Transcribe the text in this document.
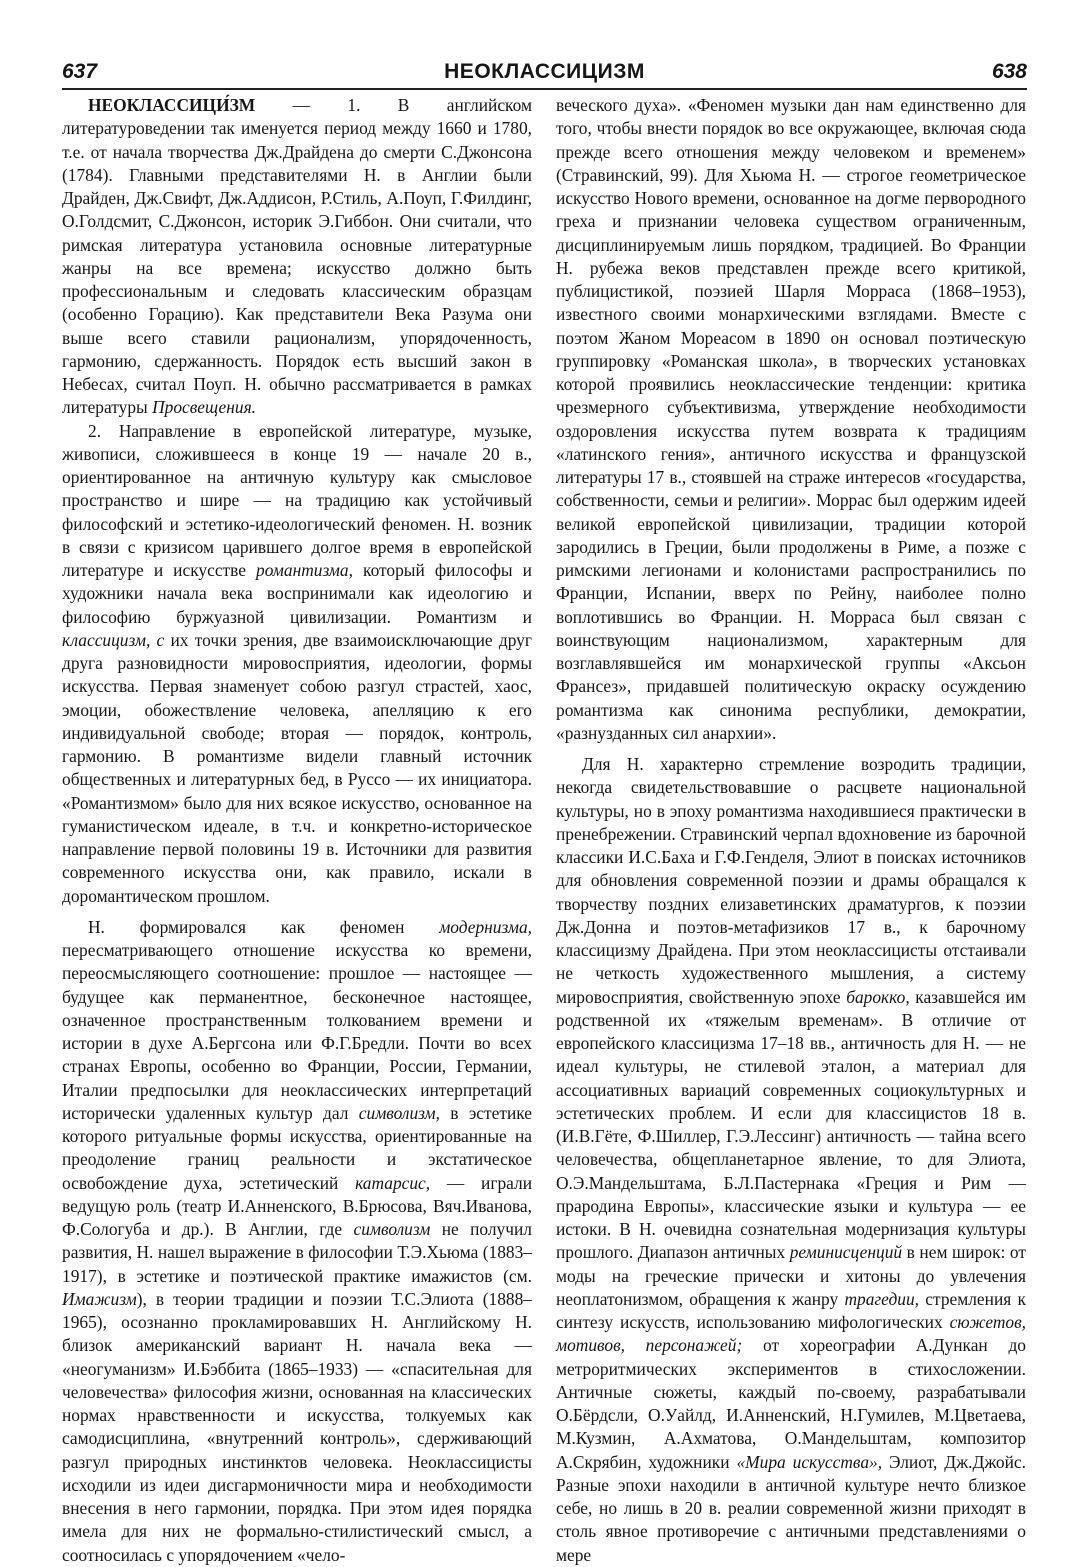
637	НЕОКЛАССИЦИЗМ	638

НЕОКЛАССИЦИ́ЗМ — 1. В английском литературоведении так именуется период между 1660 и 1780, т.е. от начала творчества Дж.Драйдена до смерти С.Джонсона (1784). Главными представителями Н. в Англии были Драйден, Дж.Свифт, Дж.Аддисон, Р.Стиль, А.Поуп, Г.Филдинг, О.Голдсмит, С.Джонсон, историк Э.Гиббон. Они считали, что римская литература установила основные литературные жанры на все времена; искусство должно быть профессиональным и следовать классическим образцам (особенно Горацию). Как представители Века Разума они выше всего ставили рационализм, упорядоченность, гармонию, сдержанность. Порядок есть высший закон в Небесах, считал Поуп. Н. обычно рассматривается в рамках литературы Просвещения.

2. Направление в европейской литературе, музыке, живописи, сложившееся в конце 19 — начале 20 в., ориентированное на античную культуру как смысловое пространство и шире — на традицию как устойчивый философский и эстетико-идеологический феномен. Н. возник в связи с кризисом царившего долгое время в европейской литературе и искусстве романтизма, который философы и художники начала века воспринимали как идеологию и философию буржуазной цивилизации. Романтизм и классицизм, с их точки зрения, две взаимоисключающие друг друга разновидности мировосприятия, идеологии, формы искусства. Первая знаменует собою разгул страстей, хаос, эмоции, обожествление человека, апелляцию к его индивидуальной свободе; вторая — порядок, контроль, гармонию. В романтизме видели главный источник общественных и литературных бед, в Руссо — их инициатора. «Романтизмом» было для них всякое искусство, основанное на гуманистическом идеале, в т.ч. и конкретно-историческое направление первой половины 19 в. Источники для развития современного искусства они, как правило, искали в доромантическом прошлом.

Н. формировался как феномен модернизма, пересматривающего отношение искусства ко времени, переосмысляющего соотношение: прошлое — настоящее — будущее как перманентное, бесконечное настоящее, означенное пространственным толкованием времени и истории в духе А.Бергсона или Ф.Г.Бредли. Почти во всех странах Европы, особенно во Франции, России, Германии, Италии предпосылки для неоклассических интерпретаций исторически удаленных культур дал символизм, в эстетике которого ритуальные формы искусства, ориентированные на преодоление границ реальности и экстатическое освобождение духа, эстетический катарсис, — играли ведущую роль (театр И.Анненского, В.Брюсова, Вяч.Иванова, Ф.Сологуба и др.). В Англии, где символизм не получил развития, Н. нашел выражение в философии Т.Э.Хьюма (1883–1917), в эстетике и поэтической практике имажистов (см. Имажизм), в теории традиции и поэзии Т.С.Элиота (1888–1965), осознанно прокламировавших Н. Английскому Н. близок американский вариант Н. начала века — «неогуманизм» И.Бэббита (1865–1933) — «спасительная для человечества» философия жизни, основанная на классических нормах нравственности и искусства, толкуемых как самодисциплина, «внутренний контроль», сдерживающий разгул природных инстинктов человека. Неоклассицисты исходили из идеи дисгармоничности мира и необходимости внесения в него гармонии, порядка. При этом идея порядка имела для них не формально-стилистический смысл, а соотносилась с упорядочением «чело-

веческого духа». «Феномен музыки дан нам единственно для того, чтобы внести порядок во все окружающее, включая сюда прежде всего отношения между человеком и временем» (Стравинский, 99). Для Хьюма Н. — строгое геометрическое искусство Нового времени, основанное на догме первородного греха и признании человека существом ограниченным, дисциплинируемым лишь порядком, традицией. Во Франции Н. рубежа веков представлен прежде всего критикой, публицистикой, поэзией Шарля Морраса (1868–1953), известного своими монархическими взглядами. Вместе с поэтом Жаном Мореасом в 1890 он основал поэтическую группировку «Романская школа», в творческих установках которой проявились неоклассические тенденции: критика чрезмерного субъективизма, утверждение необходимости оздоровления искусства путем возврата к традициям «латинского гения», античного искусства и французской литературы 17 в., стоявшей на страже интересов «государства, собственности, семьи и религии». Моррас был одержим идеей великой европейской цивилизации, традиции которой зародились в Греции, были продолжены в Риме, а позже с римскими легионами и колонистами распространились по Франции, Испании, вверх по Рейну, наиболее полно воплотившись во Франции. Н. Морраса был связан с воинствующим национализмом, характерным для возглавлявшейся им монархической группы «Аксьон Франсез», придавшей политическую окраску осуждению романтизма как синонима республики, демократии, «разнузданных сил анархии».

Для Н. характерно стремление возродить традиции, некогда свидетельствовавшие о расцвете национальной культуры, но в эпоху романтизма находившиеся практически в пренебрежении. Стравинский черпал вдохновение из барочной классики И.С.Баха и Г.Ф.Генделя, Элиот в поисках источников для обновления современной поэзии и драмы обращался к творчеству поздних елизаветинских драматургов, к поэзии Дж.Донна и поэтов-метафизиков 17 в., к барочному классицизму Драйдена. При этом неоклассицисты отстаивали не четкость художественного мышления, а систему мировосприятия, свойственную эпохе барокко, казавшейся им родственной их «тяжелым временам». В отличие от европейского классицизма 17–18 вв., античность для Н. — не идеал культуры, не стилевой эталон, а материал для ассоциативных вариаций современных социокультурных и эстетических проблем. И если для классицистов 18 в. (И.В.Гёте, Ф.Шиллер, Г.Э.Лессинг) античность — тайна всего человечества, общепланетарное явление, то для Элиота, О.Э.Мандельштама, Б.Л.Пастернака «Греция и Рим — прародина Европы», классические языки и культура — ее истоки. В Н. очевидна сознательная модернизация культуры прошлого. Диапазон античных реминисценций в нем широк: от моды на греческие прически и хитоны до увлечения неоплатонизмом, обращения к жанру трагедии, стремления к синтезу искусств, использованию мифологических сюжетов, мотивов, персонажей; от хореографии А.Дункан до метроритмических экспериментов в стихосложении. Античные сюжеты, каждый по-своему, разрабатывали О.Бёрдсли, О.Уайлд, И.Анненский, Н.Гумилев, М.Цветаева, М.Кузмин, А.Ахматова, О.Мандельштам, композитор А.Скрябин, художники «Мира искусства», Элиот, Дж.Джойс. Разные эпохи находили в античной культуре нечто близкое себе, но лишь в 20 в. реалии современной жизни приходят в столь явное противоречие с античными представлениями о мере
